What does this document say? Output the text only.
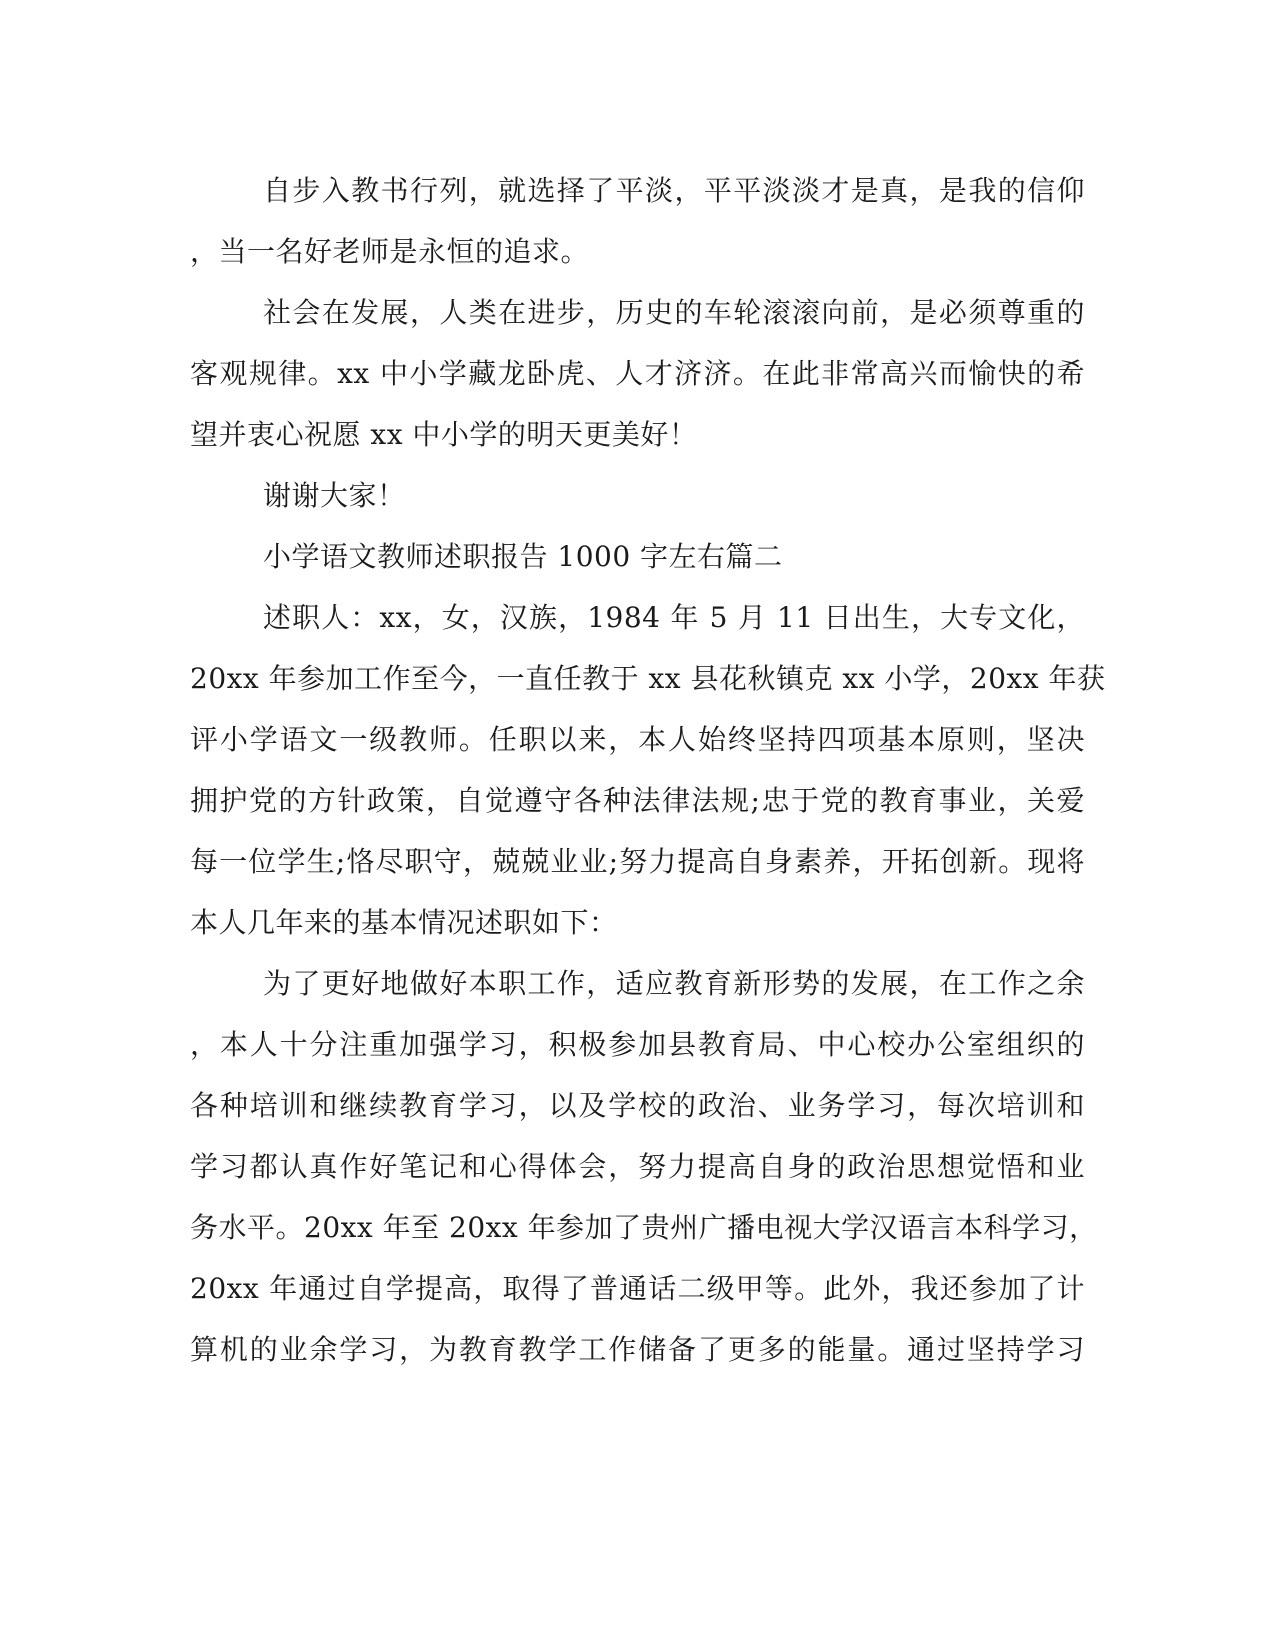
自步入教书行列，就选择了平淡，平平淡淡才是真，是我的信仰
，当一名好老师是永恒的追求。
社会在发展，人类在进步，历史的车轮滚滚向前，是必须尊重的
客观规律。xx 中小学藏龙卧虎、人才济济。在此非常高兴而愉快的希
望并衷心祝愿 xx 中小学的明天更美好！
谢谢大家！
小学语文教师述职报告 1000 字左右篇二
述职人：xx，女，汉族，1984 年 5 月 11 日出生，大专文化，
20xx 年参加工作至今，一直任教于 xx 县花秋镇克 xx 小学，20xx 年获
评小学语文一级教师。任职以来，本人始终坚持四项基本原则，坚决
拥护党的方针政策，自觉遵守各种法律法规;忠于党的教育事业，关爱
每一位学生;恪尽职守，兢兢业业;努力提高自身素养，开拓创新。现将
本人几年来的基本情况述职如下：
为了更好地做好本职工作，适应教育新形势的发展，在工作之余
，本人十分注重加强学习，积极参加县教育局、中心校办公室组织的
各种培训和继续教育学习，以及学校的政治、业务学习，每次培训和
学习都认真作好笔记和心得体会，努力提高自身的政治思想觉悟和业
务水平。20xx 年至 20xx 年参加了贵州广播电视大学汉语言本科学习，
20xx 年通过自学提高，取得了普通话二级甲等。此外，我还参加了计
算机的业余学习，为教育教学工作储备了更多的能量。通过坚持学习
